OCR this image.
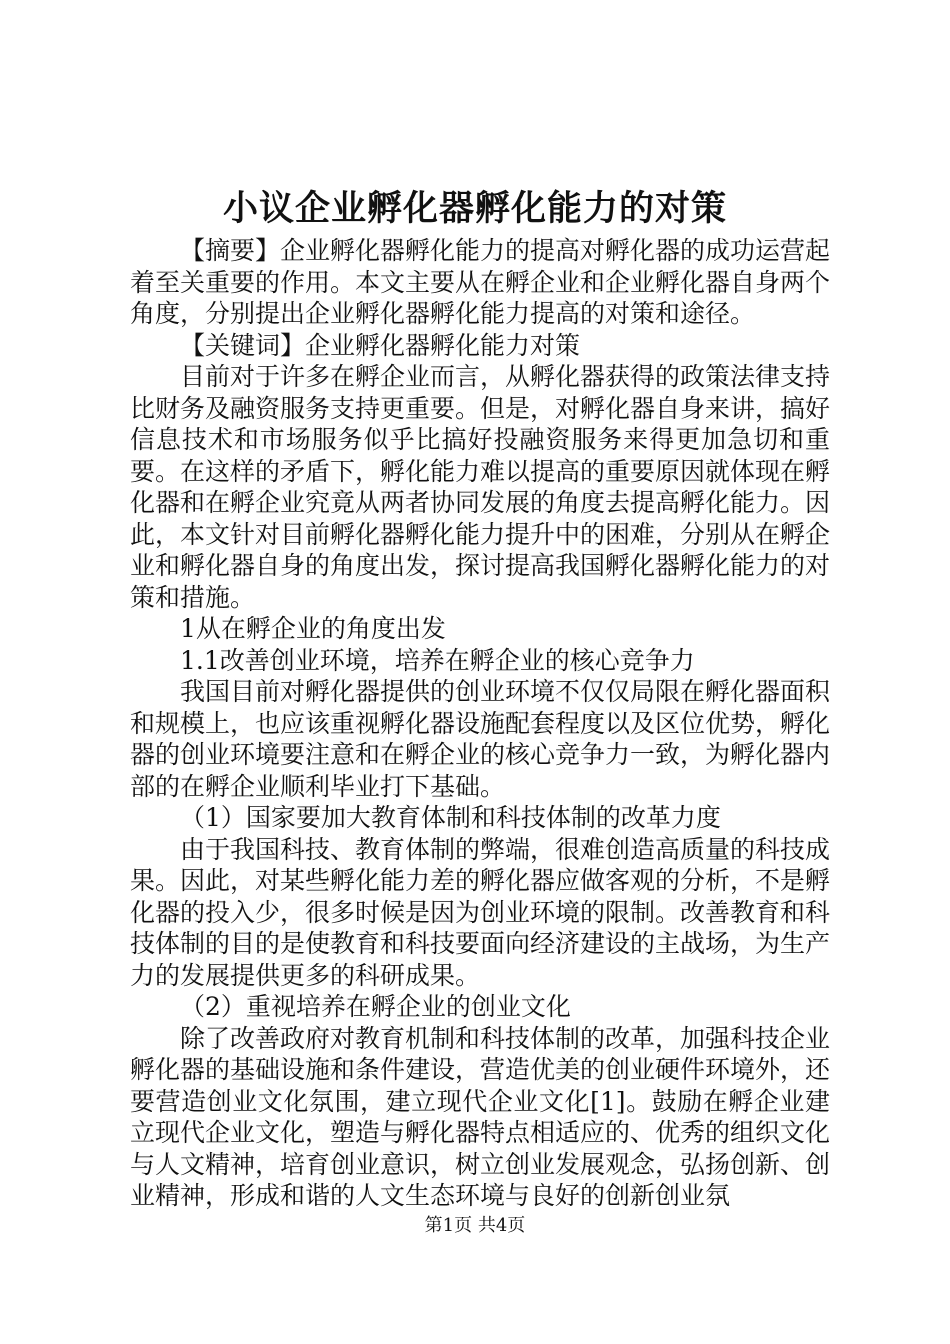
小议企业孵化器孵化能力的对策

【摘要】企业孵化器孵化能力的提高对孵化器的成功运营起着至关重要的作用。本文主要从在孵企业和企业孵化器自身两个角度，分别提出企业孵化器孵化能力提高的对策和途径。

【关键词】企业孵化器孵化能力对策

目前对于许多在孵企业而言，从孵化器获得的政策法律支持比财务及融资服务支持更重要。但是，对孵化器自身来讲，搞好信息技术和市场服务似乎比搞好投融资服务来得更加急切和重要。在这样的矛盾下，孵化能力难以提高的重要原因就体现在孵化器和在孵企业究竟从两者协同发展的角度去提高孵化能力。因此，本文针对目前孵化器孵化能力提升中的困难，分别从在孵企业和孵化器自身的角度出发，探讨提高我国孵化器孵化能力的对策和措施。

1从在孵企业的角度出发

1.1改善创业环境，培养在孵企业的核心竞争力

我国目前对孵化器提供的创业环境不仅仅局限在孵化器面积和规模上，也应该重视孵化器设施配套程度以及区位优势，孵化器的创业环境要注意和在孵企业的核心竞争力一致，为孵化器内部的在孵企业顺利毕业打下基础。

（1）国家要加大教育体制和科技体制的改革力度

由于我国科技、教育体制的弊端，很难创造高质量的科技成果。因此，对某些孵化能力差的孵化器应做客观的分析，不是孵化器的投入少，很多时候是因为创业环境的限制。改善教育和科技体制的目的是使教育和科技要面向经济建设的主战场，为生产力的发展提供更多的科研成果。

（2）重视培养在孵企业的创业文化

除了改善政府对教育机制和科技体制的改革，加强科技企业孵化器的基础设施和条件建设，营造优美的创业硬件环境外，还要营造创业文化氛围，建立现代企业文化[1]。鼓励在孵企业建立现代企业文化，塑造与孵化器特点相适应的、优秀的组织文化与人文精神，培育创业意识，树立创业发展观念，弘扬创新、创业精神，形成和谐的人文生态环境与良好的创新创业氛

第1页 共4页
